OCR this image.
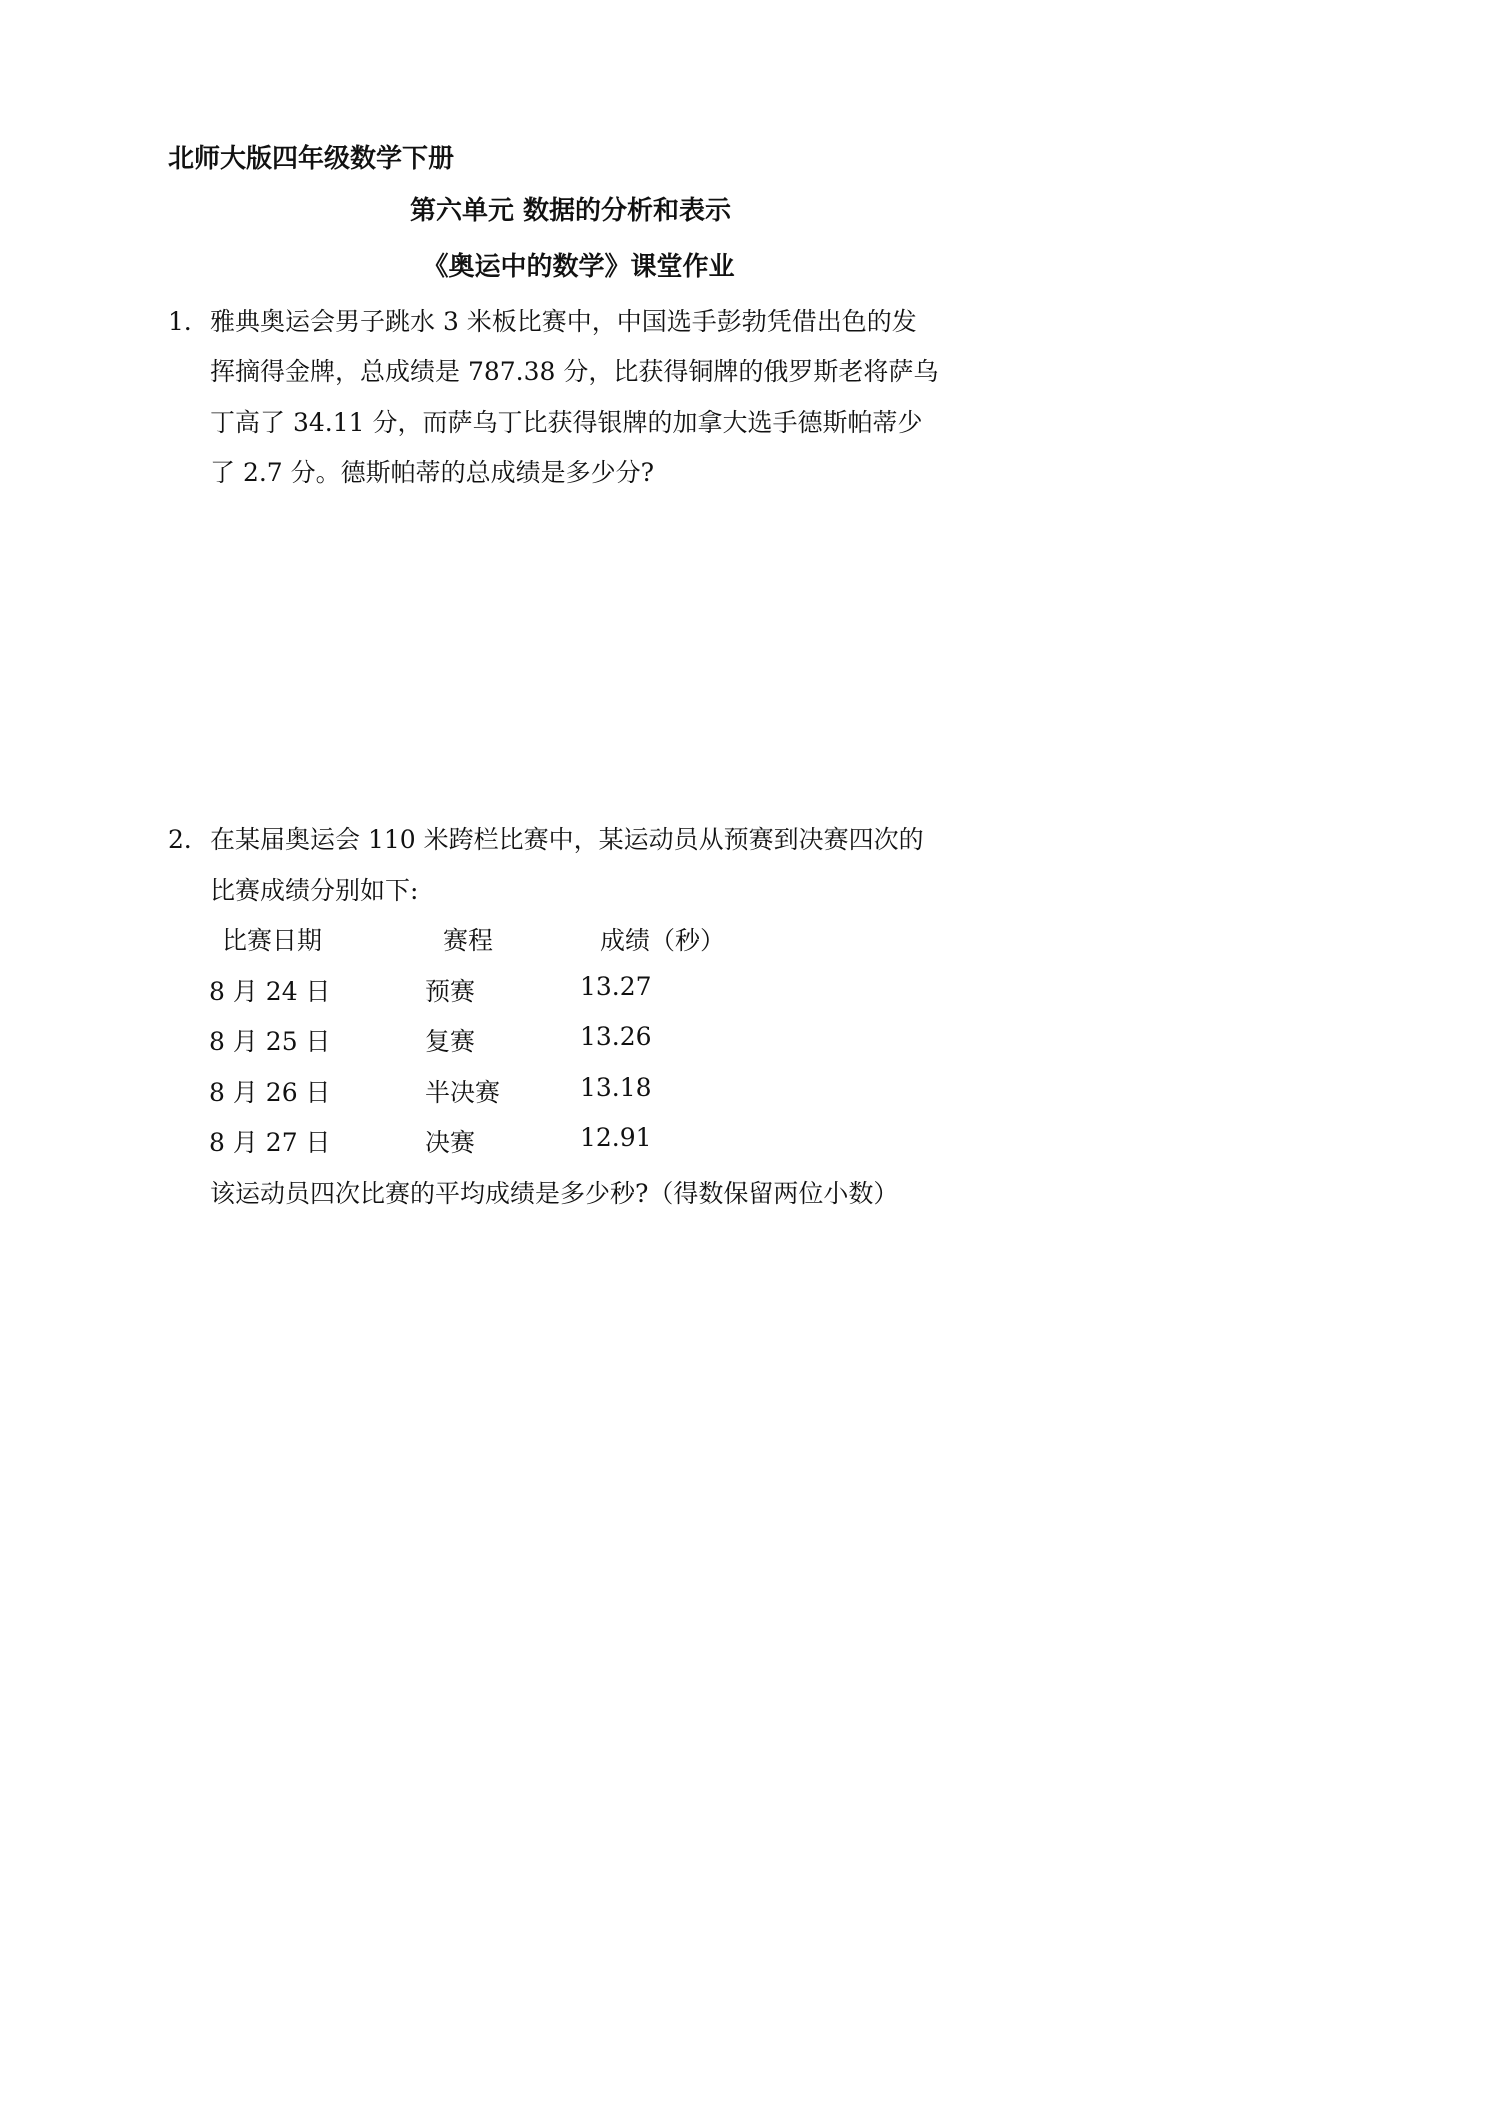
北师大版四年级数学下册
第六单元 数据的分析和表示
《奥运中的数学》课堂作业
1． 雅典奥运会男子跳水 3 米板比赛中，中国选手彭勃凭借出色的发
挥摘得金牌，总成绩是 787.38 分，比获得铜牌的俄罗斯老将萨乌
丁高了 34.11 分，而萨乌丁比获得银牌的加拿大选手德斯帕蒂少
了 2.7 分。德斯帕蒂的总成绩是多少分?
2． 在某届奥运会 110 米跨栏比赛中，某运动员从预赛到决赛四次的
比赛成绩分别如下:
比赛日期	赛程	成绩（秒）
8 月 24 日	预赛	13.27
8 月 25 日	复赛	13.26
8 月 26 日	半决赛	13.18
8 月 27 日	决赛	12.91
该运动员四次比赛的平均成绩是多少秒?（得数保留两位小数）
